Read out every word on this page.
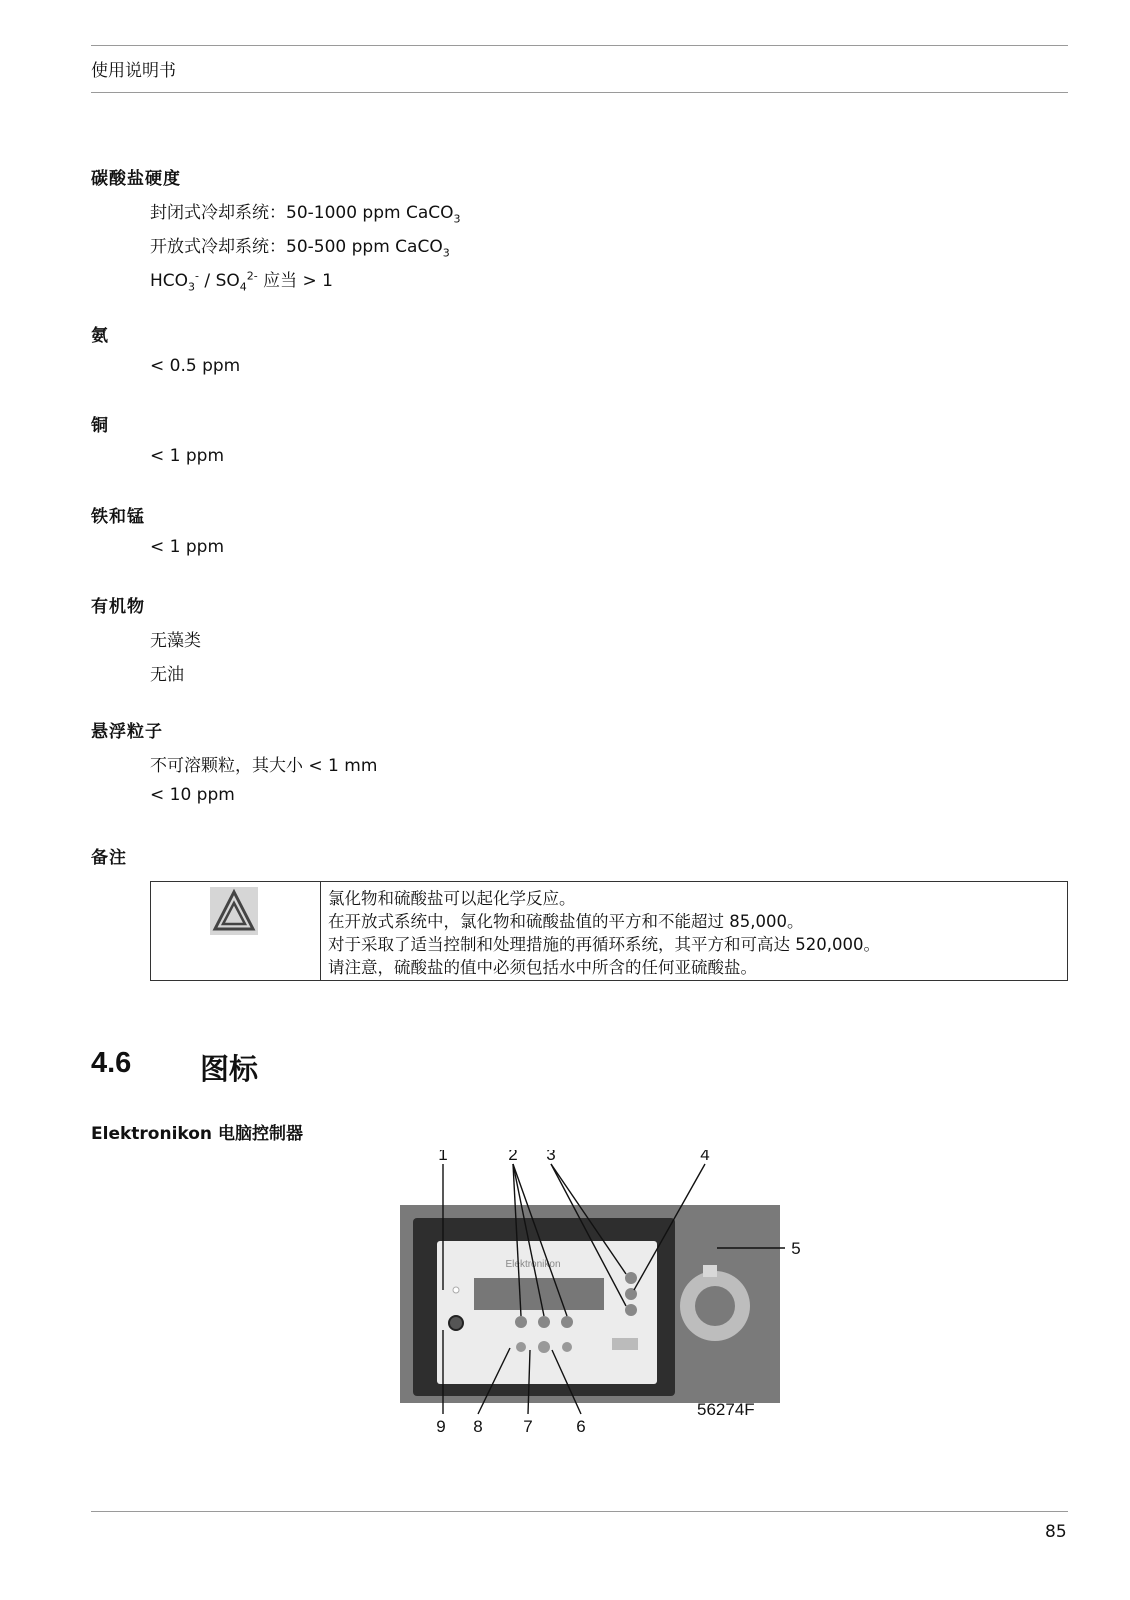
使用说明书
碳酸盐硬度
封闭式冷却系统：50-1000 ppm CaCO$_3$
开放式冷却系统：50-500 ppm CaCO$_3$
$HCO_3^- / SO_4^{2-}$ 应当 > 1
氨
< 0.5 ppm
铜
< 1 ppm
铁和锰
< 1 ppm
有机物
无藻类
无油
悬浮粒子
不可溶颗粒，其大小 < 1 mm
< 10 ppm
备注
氯化物和硫酸盐可以起化学反应。
在开放式系统中，氯化物和硫酸盐值的平方和不能超过 85,000。
对于采取了适当控制和处理措施的再循环系统，其平方和可高达 520,000。
请注意，硫酸盐的值中必须包括水中所含的任何亚硫酸盐。
4.6 图标
Elektronikon 电脑控制器
Elektronikon
1	2 3	4
5
9 8 7	6
56274F
85
